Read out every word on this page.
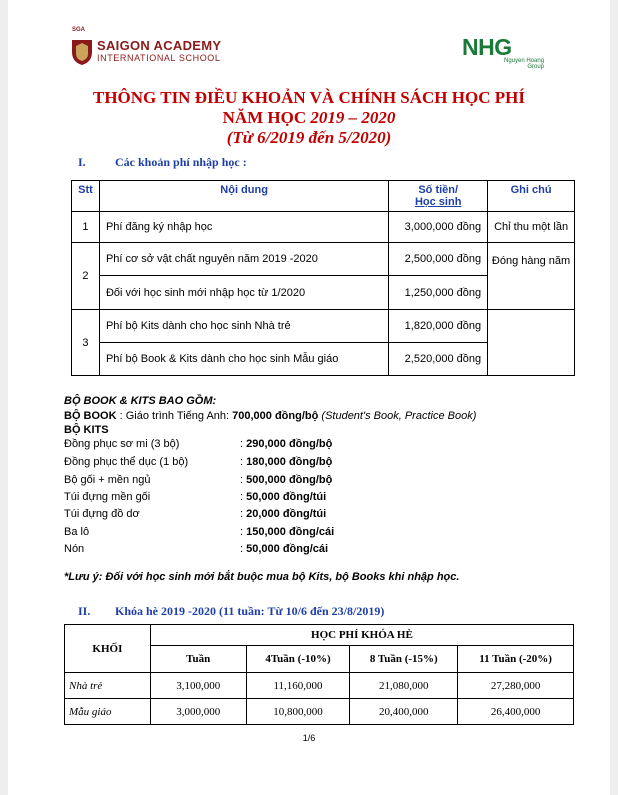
SGA
SAIGON ACADEMY
INTERNATIONAL SCHOOL	NHG
Nguyen Hoang
Group
THÔNG TIN ĐIỀU KHOẢN VÀ CHÍNH SÁCH HỌC PHÍ
NĂM HỌC 2019 – 2020
(Từ 6/2019 đến 5/2020)
I. Các khoản phí nhập học :
Stt	Nội dung	Số tiền/
Học sinh	Ghi chú
1	Phí đăng ký nhập học	3,000,000 đồng	Chỉ thu một lần
2	Phí cơ sở vật chất nguyên năm 2019 -2020	2,500,000 đồng	Đóng hàng năm
	Đối với học sinh mới nhập học từ 1/2020	1,250,000 đồng	
3	Phí bộ Kits dành cho học sinh Nhà trẻ	1,820,000 đồng	
	Phí bộ Book & Kits dành cho học sinh Mẫu giáo	2,520,000 đồng	
BỘ BOOK & KITS BAO GỒM:
BỘ BOOK : Giáo trình Tiếng Anh: 700,000 đồng/bộ (Student's Book, Practice Book)
BỘ KITS
Đồng phục sơ mi (3 bộ)	: 290,000 đồng/bộ
Đồng phục thể dục (1 bộ)	: 180,000 đồng/bộ
Bộ gối + mền ngủ	: 500,000 đồng/bộ
Túi đựng mền gối	: 50,000 đồng/túi
Túi đựng đồ dơ	: 20,000 đồng/túi
Ba lô	: 150,000 đồng/cái
Nón	: 50,000 đồng/cái
*Lưu ý: Đối với học sinh mới bắt buộc mua bộ Kits, bộ Books khi nhập học.
II. Khóa hè 2019 -2020 (11 tuần: Từ 10/6 đến 23/8/2019)
KHỐI	HỌC PHÍ KHÓA HÈ			
	Tuần	4Tuần (-10%)	8 Tuần (-15%)	11 Tuần (-20%)
Nhà trẻ	3,100,000	11,160,000	21,080,000	27,280,000
Mẫu giáo	3,000,000	10,800,000	20,400,000	26,400,000
1/6
